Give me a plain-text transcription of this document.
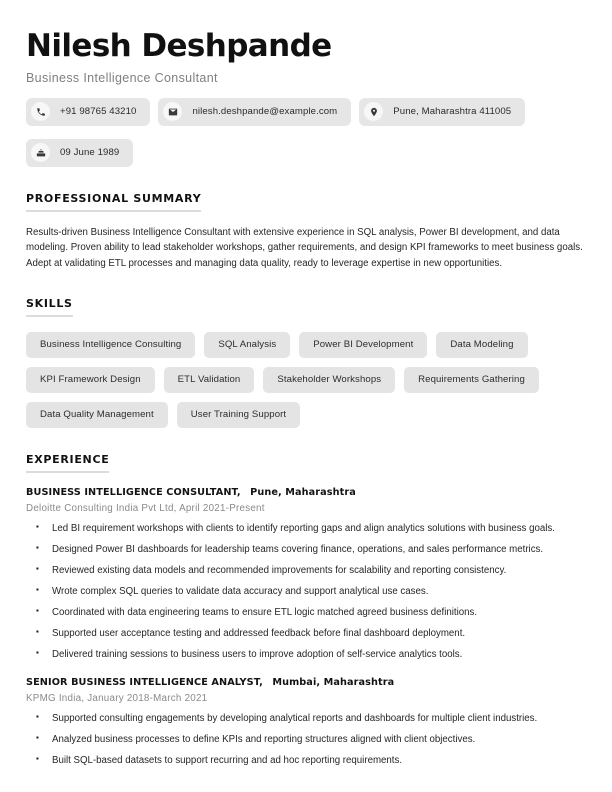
Nilesh Deshpande
Business Intelligence Consultant
+91 98765 43210	nilesh.deshpande@example.com	Pune, Maharashtra 411005
09 June 1989
PROFESSIONAL SUMMARY
Results-driven Business Intelligence Consultant with extensive experience in SQL analysis, Power BI development, and data modeling. Proven ability to lead stakeholder workshops, gather requirements, and design KPI frameworks to meet business goals. Adept at validating ETL processes and managing data quality, ready to leverage expertise in new opportunities.
SKILLS
Business Intelligence Consulting	SQL Analysis	Power BI Development	Data Modeling
KPI Framework Design	ETL Validation	Stakeholder Workshops	Requirements Gathering
Data Quality Management	User Training Support
EXPERIENCE
BUSINESS INTELLIGENCE CONSULTANT, Pune, Maharashtra
Deloitte Consulting India Pvt Ltd, April 2021-Present
▪ Led BI requirement workshops with clients to identify reporting gaps and align analytics solutions with business goals.
▪ Designed Power BI dashboards for leadership teams covering finance, operations, and sales performance metrics.
▪ Reviewed existing data models and recommended improvements for scalability and reporting consistency.
▪ Wrote complex SQL queries to validate data accuracy and support analytical use cases.
▪ Coordinated with data engineering teams to ensure ETL logic matched agreed business definitions.
▪ Supported user acceptance testing and addressed feedback before final dashboard deployment.
▪ Delivered training sessions to business users to improve adoption of self-service analytics tools.
SENIOR BUSINESS INTELLIGENCE ANALYST, Mumbai, Maharashtra
KPMG India, January 2018-March 2021
▪ Supported consulting engagements by developing analytical reports and dashboards for multiple client industries.
▪ Analyzed business processes to define KPIs and reporting structures aligned with client objectives.
▪ Built SQL-based datasets to support recurring and ad hoc reporting requirements.
